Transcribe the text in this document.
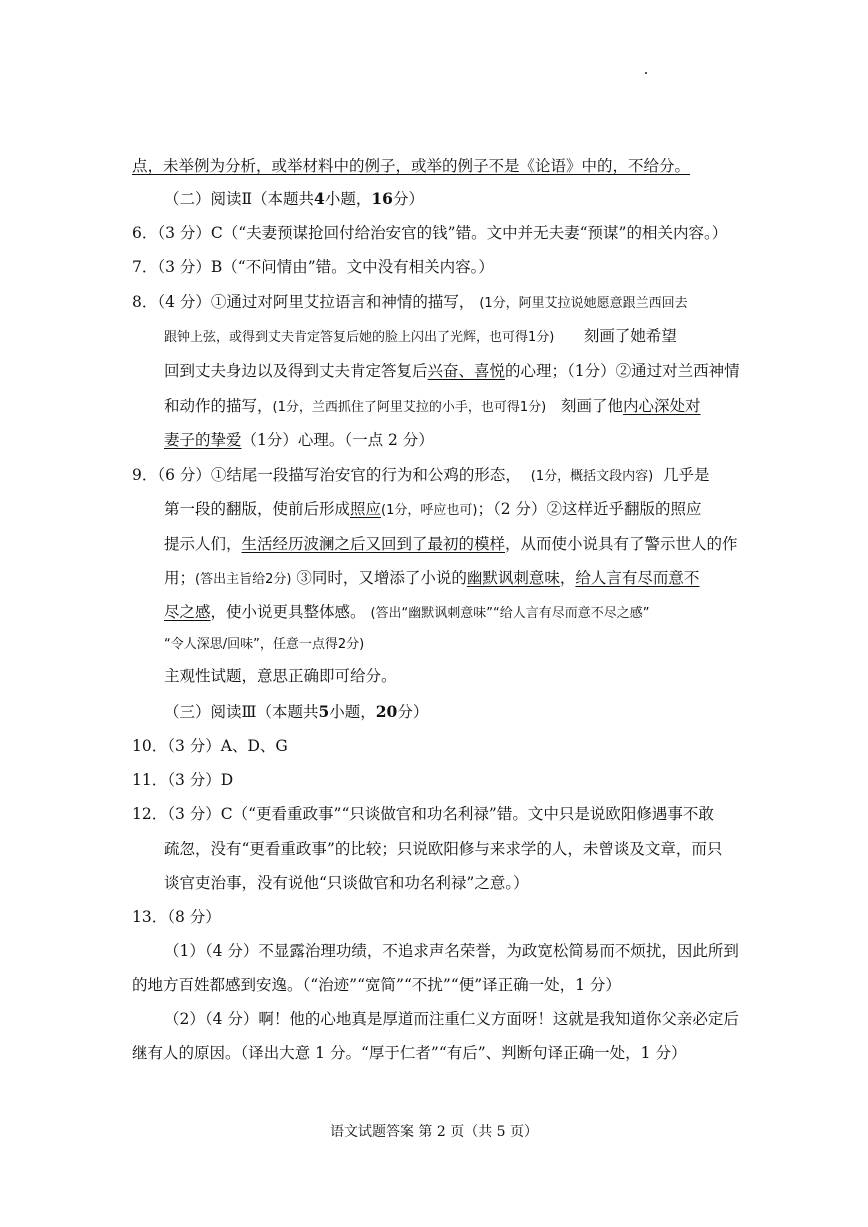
点，未举例为分析，或举材料中的例子，或举的例子不是《论语》中的，不给分。
（二）阅读Ⅱ（本题共4小题，16分）
6．（3 分）C（“夫妻预谋抢回付给治安官的钱”错。文中并无夫妻“预谋”的相关内容。）
7．（3 分）B（“不问情由”错。文中没有相关内容。）
8．（4 分）①通过对阿里艾拉语言和神情的描写， (1分，阿里艾拉说她愿意跟兰西回去
跟钟上弦，或得到丈夫肯定答复后她的脸上闪出了光辉，也可得1分) 刻画了她希望
回到丈夫身边以及得到丈夫肯定答复后兴奋、喜悦的心理；（1分）②通过对兰西神情
和动作的描写，(1分，兰西抓住了阿里艾拉的小手，也可得1分) 刻画了他内心深处对
妻子的挚爱（1分）心理。（一点 2 分）
9．（6 分）①结尾一段描写治安官的行为和公鸡的形态， (1分，概括文段内容) 几乎是
第一段的翻版，使前后形成照应(1分，呼应也可)；（2 分）②这样近乎翻版的照应
提示人们，生活经历波澜之后又回到了最初的模样，从而使小说具有了警示世人的作
用；(答出主旨给2分) ③同时，又增添了小说的幽默讽刺意味，给人言有尽而意不
尽之感，使小说更具整体感。 (答出“幽默讽刺意味”“给人言有尽而意不尽之感”
“令人深思/回味”，任意一点得2分)
主观性试题，意思正确即可给分。
（三）阅读Ⅲ（本题共5小题，20分）
10．（3 分）A、D、G
11．（3 分）D
12．（3 分）C（“更看重政事”“只谈做官和功名利禄”错。文中只是说欧阳修遇事不敢
疏忽，没有“更看重政事”的比较；只说欧阳修与来求学的人，未曾谈及文章，而只
谈官吏治事，没有说他“只谈做官和功名利禄”之意。）
13．（8 分）
（1）（4 分）不显露治理功绩，不追求声名荣誉，为政宽松简易而不烦扰，因此所到
的地方百姓都感到安逸。（“治迹”“宽简”“不扰”“便”译正确一处，1 分）
（2）（4 分）啊！他的心地真是厚道而注重仁义方面呀！这就是我知道你父亲必定后
继有人的原因。（译出大意 1 分。“厚于仁者”“有后”、判断句译正确一处，1 分）
语文试题答案 第 2 页（共 5 页）
